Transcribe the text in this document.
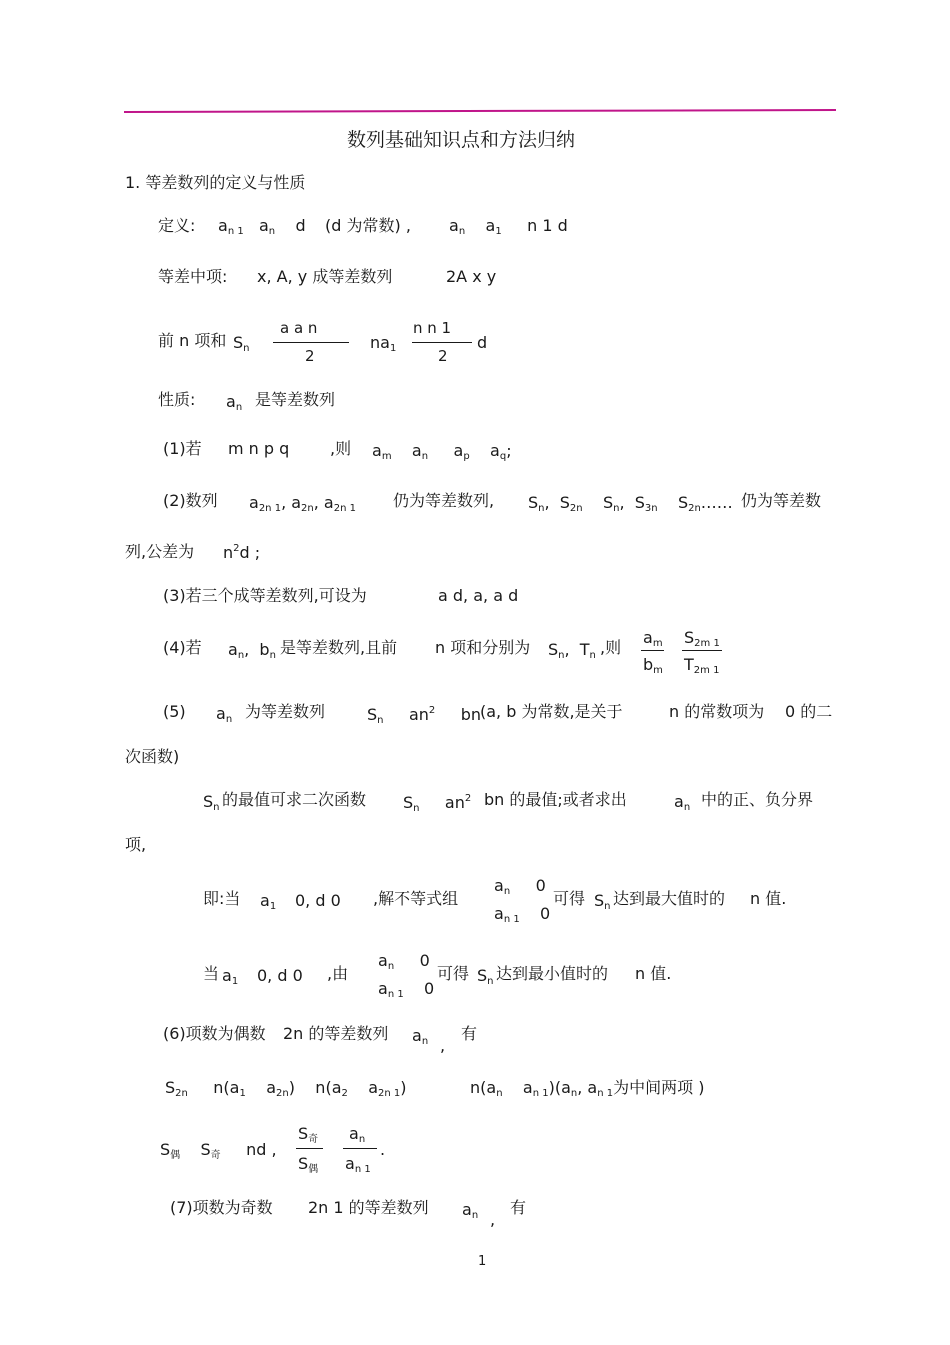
数列基础知识点和方法归纳
1. 等差数列的定义与性质
定义: $a_{n 1}$ $a_n$ d (d 为常数) , $a_n$ $a_1$ n 1 d
等差中项: x, A, y 成等差数列	2A x y
前 n 项和 $S_n$
a a n
2
$na_1$
n n 1
2
d
性质: $a_n$ 是等差数列
(1)若 m n p q	,则 $a_m$ $a_n$ $a_p$ $a_q$;
(2)数列 $a_{2n 1}$, $a_{2n}$, $a_{2n 1}$ 仍为等差数列, $S_n$,  $S_{2n}$ $S_n$,  $S_{3n}$ $S_{2n}\dots\dots$ 仍为等差数
列,公差为 $n^2d$ ;
(3)若三个成等差数列,可设为	a d, a, a d
(4)若 $a_n$,  $b_n$ 是等差数列,且前 n 项和分别为 $S_n$,  $T_n$ ,则
$a_m$
$b_m$
$S_{2m 1}$
$T_{2m 1}$
(5) $a_n$ 为等差数列	$S_n$ $an^2$ bn (a, b 为常数,是关于	n 的常数项为 0 的二
次函数)
$S_n$ 的最值可求二次函数 $S_n$     $an^2$ bn 的最值;或者求出	$a_n$ 中的正、负分界
项,
即:当 $a_1$ 0, d 0 ,解不等式组
$a_n$     0
$a_{n 1}$    0
可得 $S_n$ 达到最大值时的 n 值.
当 $a_1$ 0, d 0 ,由
$a_n$     0
$a_{n 1}$    0
可得 $S_n$ 达到最小值时的 n 值.
(6)项数为偶数 2n 的等差数列 $a_n$ ,
有
$S_{2n}$     $n(a_1$    $a_{2n}$)    $n(a_2$    $a_{2n 1}$)	$n(a_n$    $a_{n 1})(a_n$, $a_{n 1}$为中间两项 )
$S_偶$    $S_奇$ nd ,
$S_奇$
$S_偶$
$a_n$
$a_{n 1}$
.
(7)项数为奇数 2n 1 的等差数列 $a_n$ ,
有
1
